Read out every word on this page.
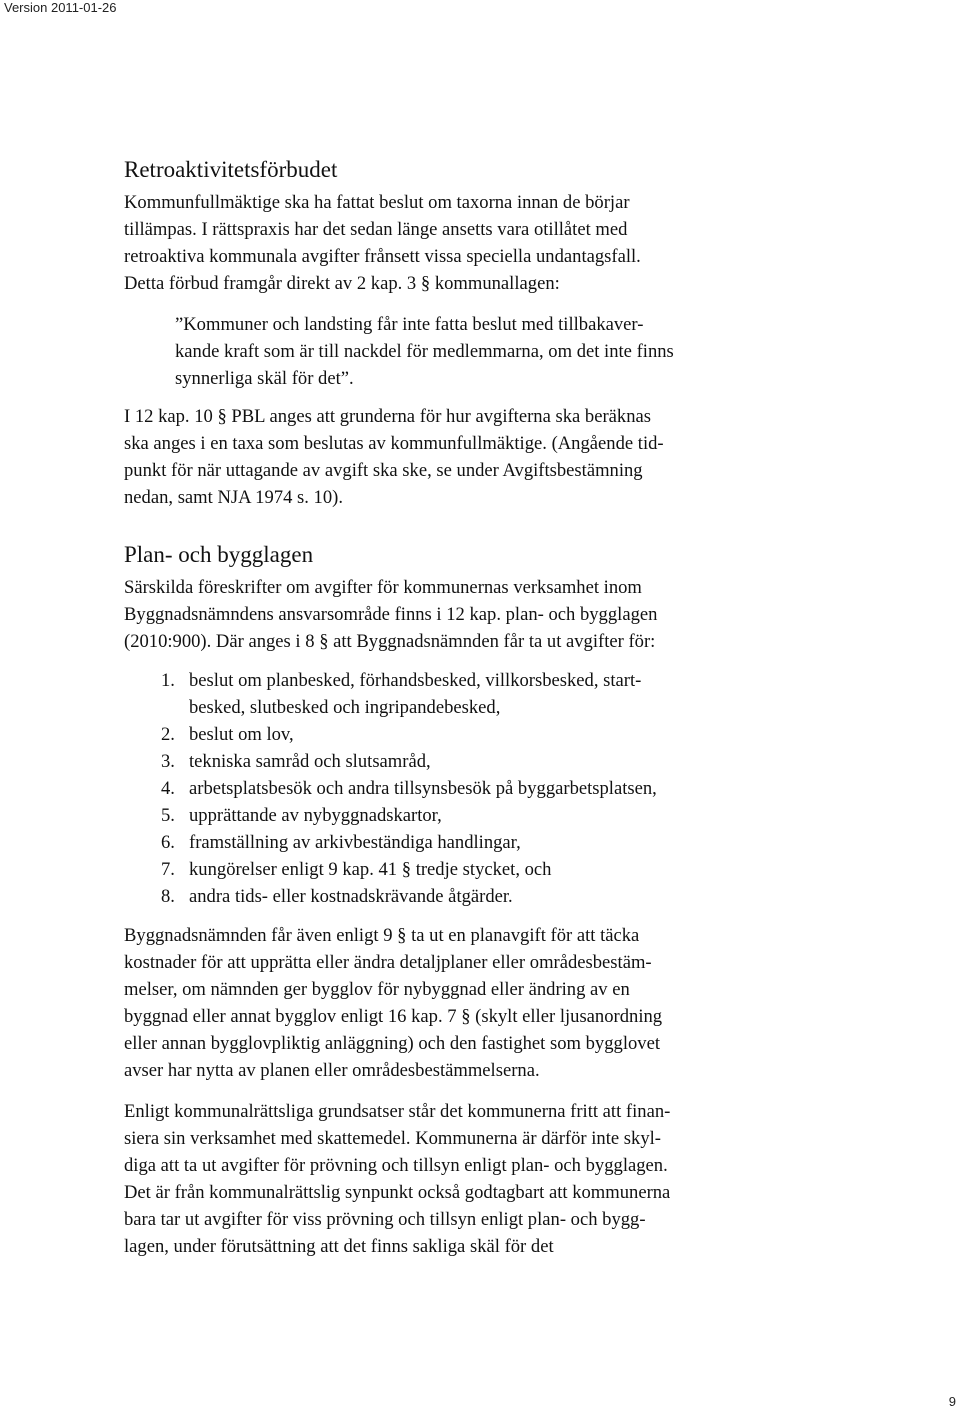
Version 2011-01-26
Retroaktivitetsförbudet

Kommunfullmäktige ska ha fattat beslut om taxorna innan de börjar
tillämpas. I rättspraxis har det sedan länge ansetts vara otillåtet med
retroaktiva kommunala avgifter frånsett vissa speciella undantagsfall.
Detta förbud framgår direkt av 2 kap. 3 § kommunallagen:

”Kommuner och landsting får inte fatta beslut med tillbakaver-
kande kraft som är till nackdel för medlemmarna, om det inte finns
synnerliga skäl för det”.

I 12 kap. 10 § PBL anges att grunderna för hur avgifterna ska beräknas
ska anges i en taxa som beslutas av kommunfullmäktige. (Angående tid-
punkt för när uttagande av avgift ska ske, se under Avgiftsbestämning
nedan, samt NJA 1974 s. 10).

Plan- och bygglagen

Särskilda föreskrifter om avgifter för kommunernas verksamhet inom
Byggnadsnämndens ansvarsområde finns i 12 kap. plan- och bygglagen
(2010:900). Där anges i 8 § att Byggnadsnämnden får ta ut avgifter för:

1. beslut om planbesked, förhandsbesked, villkorsbesked, start-
besked, slutbesked och ingripandebesked,
2. beslut om lov,
3. tekniska samråd och slutsamråd,
4. arbetsplatsbesök och andra tillsynsbesök på byggarbetsplatsen,
5. upprättande av nybyggnadskartor,
6. framställning av arkivbeständiga handlingar,
7. kungörelser enligt 9 kap. 41 § tredje stycket, och
8. andra tids- eller kostnadskrävande åtgärder.

Byggnadsnämnden får även enligt 9 § ta ut en planavgift för att täcka
kostnader för att upprätta eller ändra detaljplaner eller områdesbestäm-
melser, om nämnden ger bygglov för nybyggnad eller ändring av en
byggnad eller annat bygglov enligt 16 kap. 7 § (skylt eller ljusanordning
eller annan bygglovpliktig anläggning) och den fastighet som bygglovet
avser har nytta av planen eller områdesbestämmelserna.

Enligt kommunalrättsliga grundsatser står det kommunerna fritt att finan-
siera sin verksamhet med skattemedel. Kommunerna är därför inte skyl-
diga att ta ut avgifter för prövning och tillsyn enligt plan- och bygglagen.
Det är från kommunalrättslig synpunkt också godtagbart att kommunerna
bara tar ut avgifter för viss prövning och tillsyn enligt plan- och bygg-
lagen, under förutsättning att det finns sakliga skäl för det

9
